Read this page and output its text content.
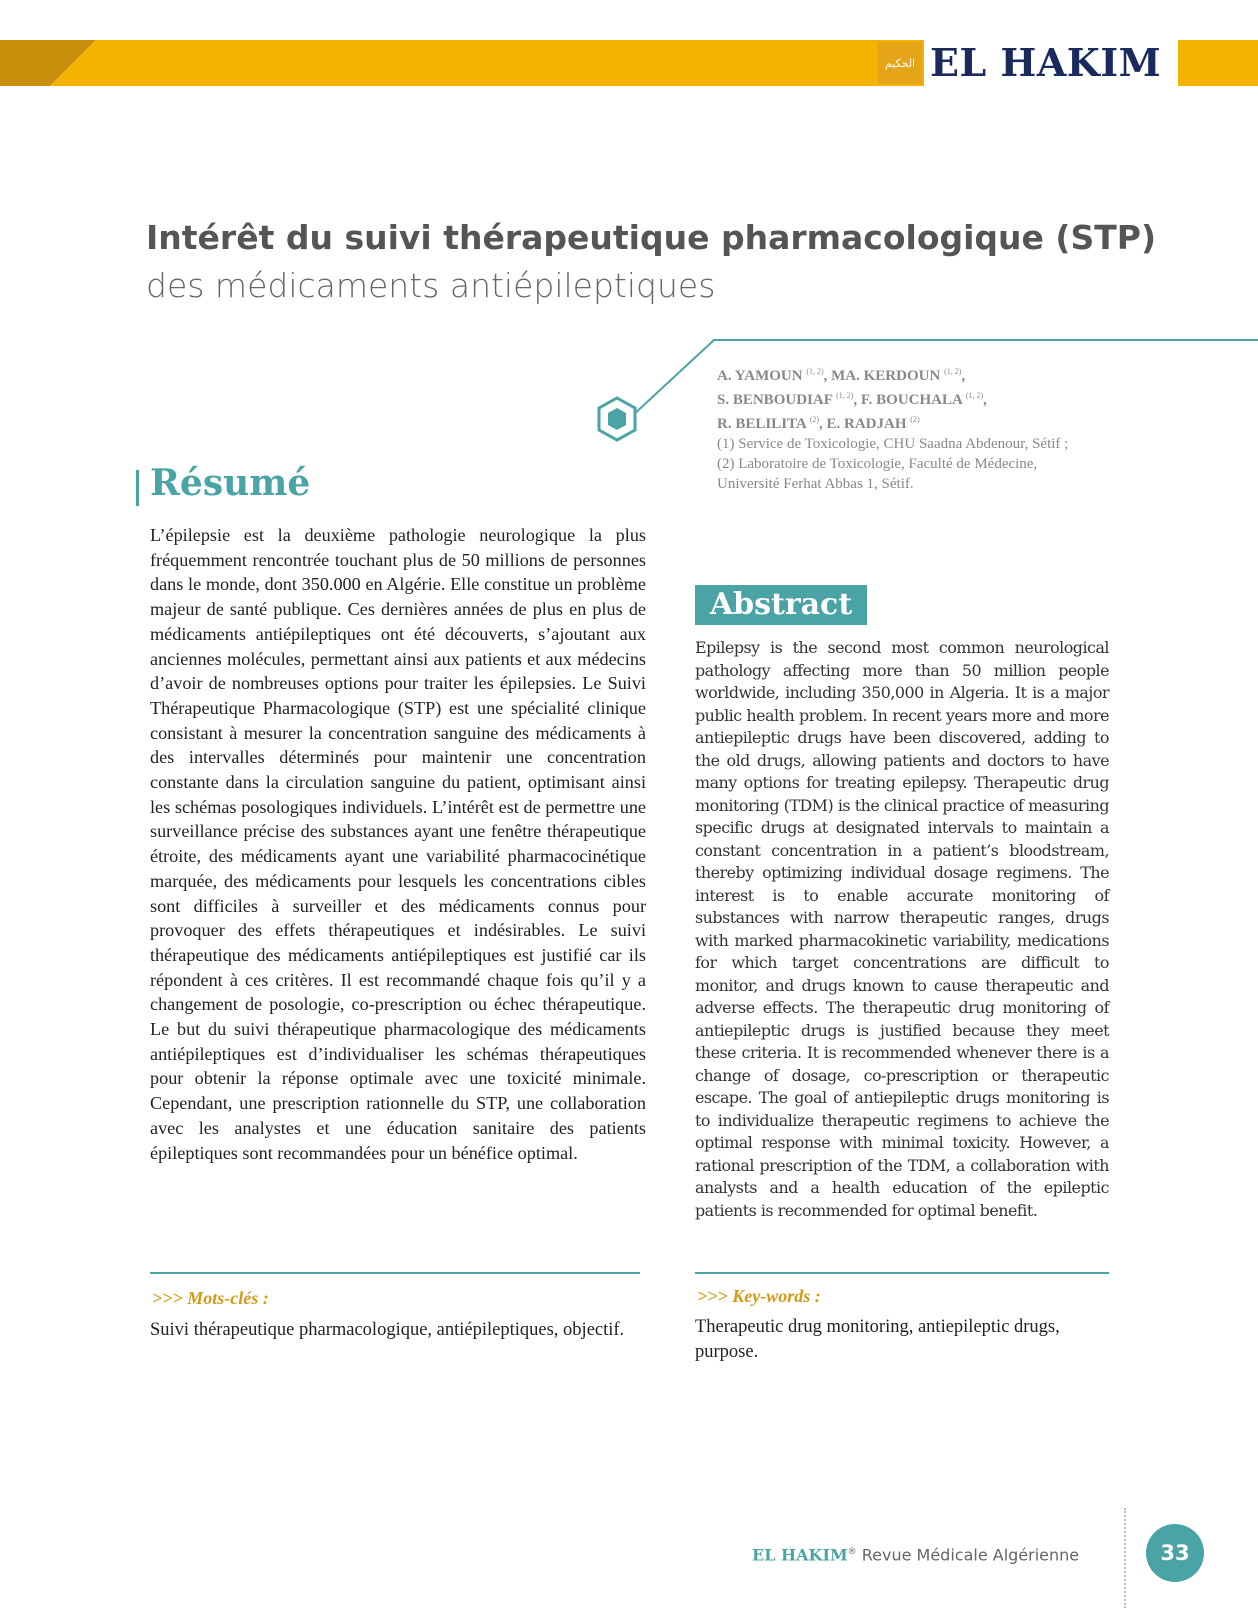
الحكيم EL HAKIM
Intérêt du suivi thérapeutique pharmacologique (STP)
des médicaments antiépileptiques
A. YAMOUN $^{(1, 2)}$, MA. KERDOUN $^{(1, 2)}$,
S. BENBOUDIAF $^{(1, 2)}$, F. BOUCHALA $^{(1, 2)}$,
R. BELILITA $^{(2)}$, E. RADJAH $^{(2)}$
(1) Service de Toxicologie, CHU Saadna Abdenour, Sétif ;
(2) Laboratoire de Toxicologie, Faculté de Médecine,
Université Ferhat Abbas 1, Sétif.
Résumé
L’épilepsie est la deuxième pathologie neurologique la plus fréquemment rencontrée touchant plus de 50 millions de personnes dans le monde, dont 350.000 en Algérie. Elle constitue un problème majeur de santé publique. Ces dernières années de plus en plus de médicaments antiépileptiques ont été découverts, s’ajoutant aux anciennes molécules, permettant ainsi aux patients et aux médecins d’avoir de nombreuses options pour traiter les épilepsies. Le Suivi Thérapeutique Pharmacologique (STP) est une spécialité clinique consistant à mesurer la concentration sanguine des médicaments à des intervalles déterminés pour maintenir une concentration constante dans la circulation sanguine du patient, optimisant ainsi les schémas posologiques individuels. L’intérêt est de permettre une surveillance précise des substances ayant une fenêtre thérapeutique étroite, des médicaments ayant une variabilité pharmacocinétique marquée, des médicaments pour lesquels les concentrations cibles sont difficiles à surveiller et des médicaments connus pour provoquer des effets thérapeutiques et indésirables. Le suivi thérapeutique des médicaments antiépileptiques est justifié car ils répondent à ces critères. Il est recommandé chaque fois qu’il y a changement de posologie, co-prescription ou échec thérapeutique. Le but du suivi thérapeutique pharmacologique des médicaments antiépileptiques est d’individualiser les schémas thérapeutiques pour obtenir la réponse optimale avec une toxicité minimale. Cependant, une prescription rationnelle du STP, une collaboration avec les analystes et une éducation sanitaire des patients épileptiques sont recommandées pour un bénéfice optimal.
Abstract
Epilepsy is the second most common neurological pathology affecting more than 50 million people worldwide, including 350,000 in Algeria. It is a major public health problem. In recent years more and more antiepileptic drugs have been discovered, adding to the old drugs, allowing patients and doctors to have many options for treating epilepsy. Therapeutic drug monitoring (TDM) is the clinical practice of measuring specific drugs at designated intervals to maintain a constant concentration in a patient’s bloodstream, thereby optimizing individual dosage regimens. The interest is to enable accurate monitoring of substances with narrow therapeutic ranges, drugs with marked pharmacokinetic variability, medications for which target concentrations are difficult to monitor, and drugs known to cause therapeutic and adverse effects. The therapeutic drug monitoring of antiepileptic drugs is justified because they meet these criteria. It is recommended whenever there is a change of dosage, co-prescription or therapeutic escape. The goal of antiepileptic drugs monitoring is to individualize therapeutic regimens to achieve the optimal response with minimal toxicity. However, a rational prescription of the TDM, a collaboration with analysts and a health education of the epileptic patients is recommended for optimal benefit.
>>> Mots-clés :
Suivi thérapeutique pharmacologique, antiépileptiques, objectif.
>>> Key-words :
Therapeutic drug monitoring, antiepileptic drugs, purpose.
EL HAKIM® Revue Médicale Algérienne	33
